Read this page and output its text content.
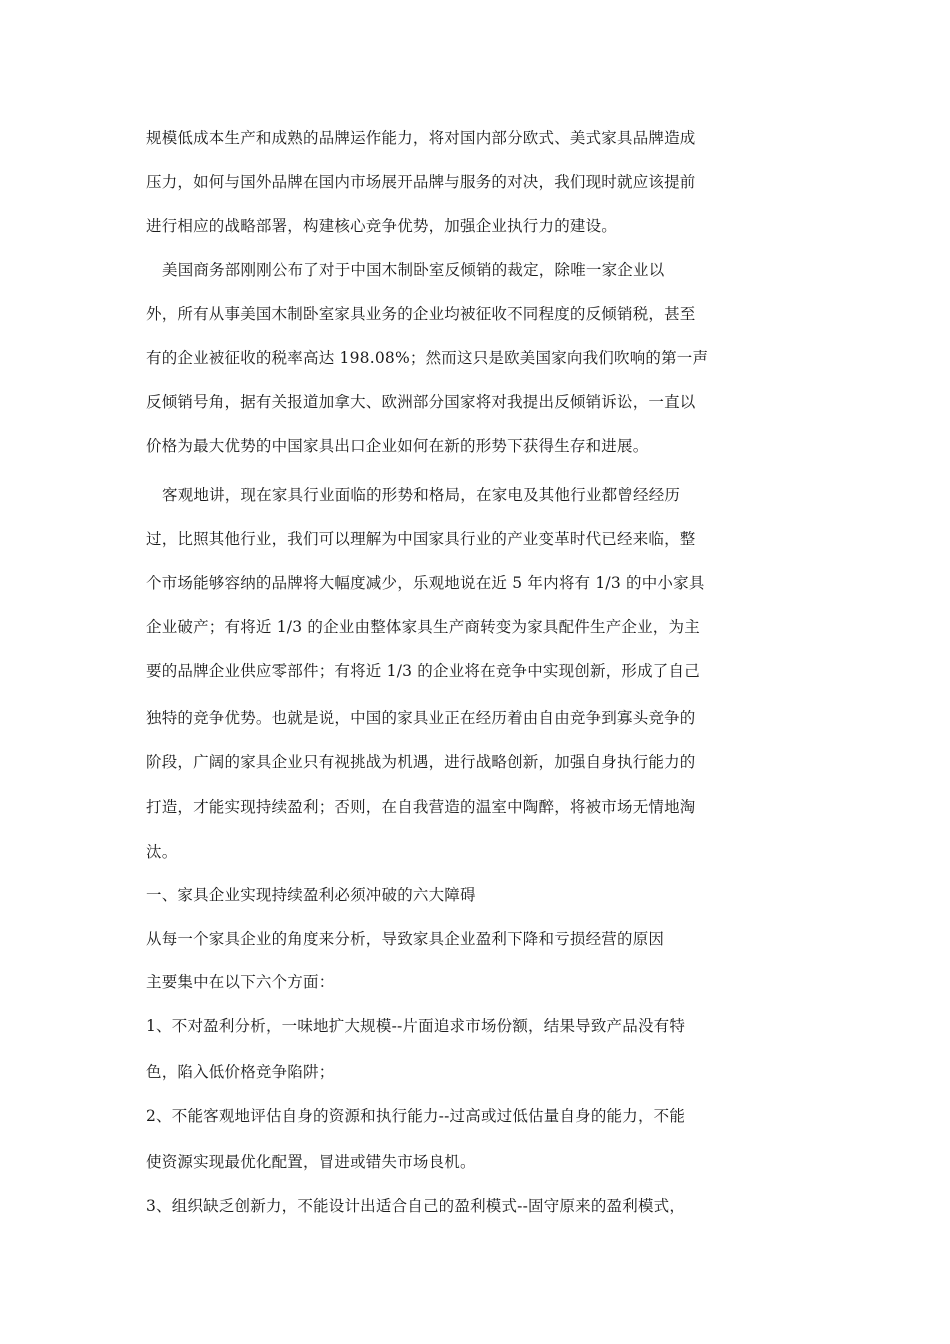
规模低成本生产和成熟的品牌运作能力，将对国内部分欧式、美式家具品牌造成
压力，如何与国外品牌在国内市场展开品牌与服务的对决，我们现时就应该提前
进行相应的战略部署，构建核心竞争优势，加强企业执行力的建设。
美国商务部刚刚公布了对于中国木制卧室反倾销的裁定，除唯一家企业以
外，所有从事美国木制卧室家具业务的企业均被征收不同程度的反倾销税，甚至
有的企业被征收的税率高达 198.08%；然而这只是欧美国家向我们吹响的第一声
反倾销号角，据有关报道加拿大、欧洲部分国家将对我提出反倾销诉讼，一直以
价格为最大优势的中国家具出口企业如何在新的形势下获得生存和进展。
客观地讲，现在家具行业面临的形势和格局，在家电及其他行业都曾经经历
过，比照其他行业，我们可以理解为中国家具行业的产业变革时代已经来临，整
个市场能够容纳的品牌将大幅度减少，乐观地说在近 5 年内将有 1/3 的中小家具
企业破产；有将近 1/3 的企业由整体家具生产商转变为家具配件生产企业，为主
要的品牌企业供应零部件；有将近 1/3 的企业将在竞争中实现创新，形成了自己
独特的竞争优势。也就是说，中国的家具业正在经历着由自由竞争到寡头竞争的
阶段，广阔的家具企业只有视挑战为机遇，进行战略创新，加强自身执行能力的
打造，才能实现持续盈利；否则，在自我营造的温室中陶醉，将被市场无情地淘
汰。
一、家具企业实现持续盈利必须冲破的六大障碍
从每一个家具企业的角度来分析，导致家具企业盈利下降和亏损经营的原因
主要集中在以下六个方面：
1、不对盈利分析，一味地扩大规模--片面追求市场份额，结果导致产品没有特
色，陷入低价格竞争陷阱；
2、不能客观地评估自身的资源和执行能力--过高或过低估量自身的能力，不能
使资源实现最优化配置，冒进或错失市场良机。
3、组织缺乏创新力，不能设计出适合自己的盈利模式--固守原来的盈利模式，
